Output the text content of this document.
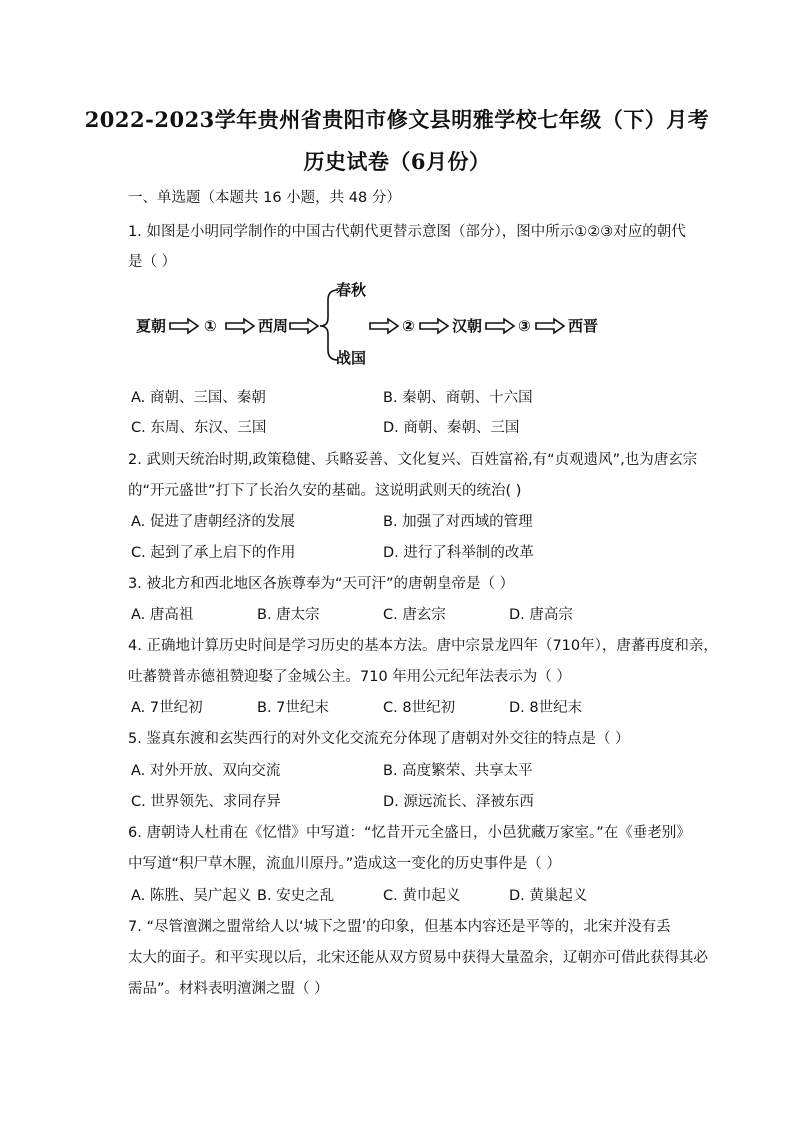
2022-2023学年贵州省贵阳市修文县明雅学校七年级（下）月考
历史试卷（6月份）
一、单选题（本题共 16 小题，共 48 分）
1. 如图是小明同学制作的中国古代朝代更替示意图（部分），图中所示①②③对应的朝代
是（ ）
夏朝	①	西周
春秋
战国
② 汉朝 ③ 西晋
A. 商朝、三国、秦朝	B. 秦朝、商朝、十六国
C. 东周、东汉、三国	D. 商朝、秦朝、三国
2. 武则天统治时期,政策稳健、兵略妥善、文化复兴、百姓富裕,有“贞观遗风”,也为唐玄宗
的“开元盛世”打下了长治久安的基础。这说明武则天的统治( )
A. 促进了唐朝经济的发展	B. 加强了对西域的管理
C. 起到了承上启下的作用	D. 进行了科举制的改革
3. 被北方和西北地区各族尊奉为“天可汗”的唐朝皇帝是（ ）
A. 唐高祖	B. 唐太宗	C. 唐玄宗	D. 唐高宗
4. 正确地计算历史时间是学习历史的基本方法。唐中宗景龙四年（710年），唐蕃再度和亲，
吐蕃赞普赤德祖赞迎娶了金城公主。710 年用公元纪年法表示为（ ）
A. 7世纪初	B. 7世纪末	C. 8世纪初	D. 8世纪末
5. 鉴真东渡和玄奘西行的对外文化交流充分体现了唐朝对外交往的特点是（ ）
A. 对外开放、双向交流	B. 高度繁荣、共享太平
C. 世界领先、求同存异	D. 源远流长、泽被东西
6. 唐朝诗人杜甫在《忆惜》中写道：“忆昔开元全盛日，小邑犹藏万家室。”在《垂老别》
中写道“积尸草木腥，流血川原丹。”造成这一变化的历史事件是（ ）
A. 陈胜、吴广起义 B. 安史之乱	C. 黄巾起义	D. 黄巢起义
7. “尽管澶渊之盟常给人以‘城下之盟’的印象，但基本内容还是平等的，北宋并没有丢
太大的面子。和平实现以后，北宋还能从双方贸易中获得大量盈余，辽朝亦可借此获得其必
需品”。材料表明澶渊之盟（ ）
